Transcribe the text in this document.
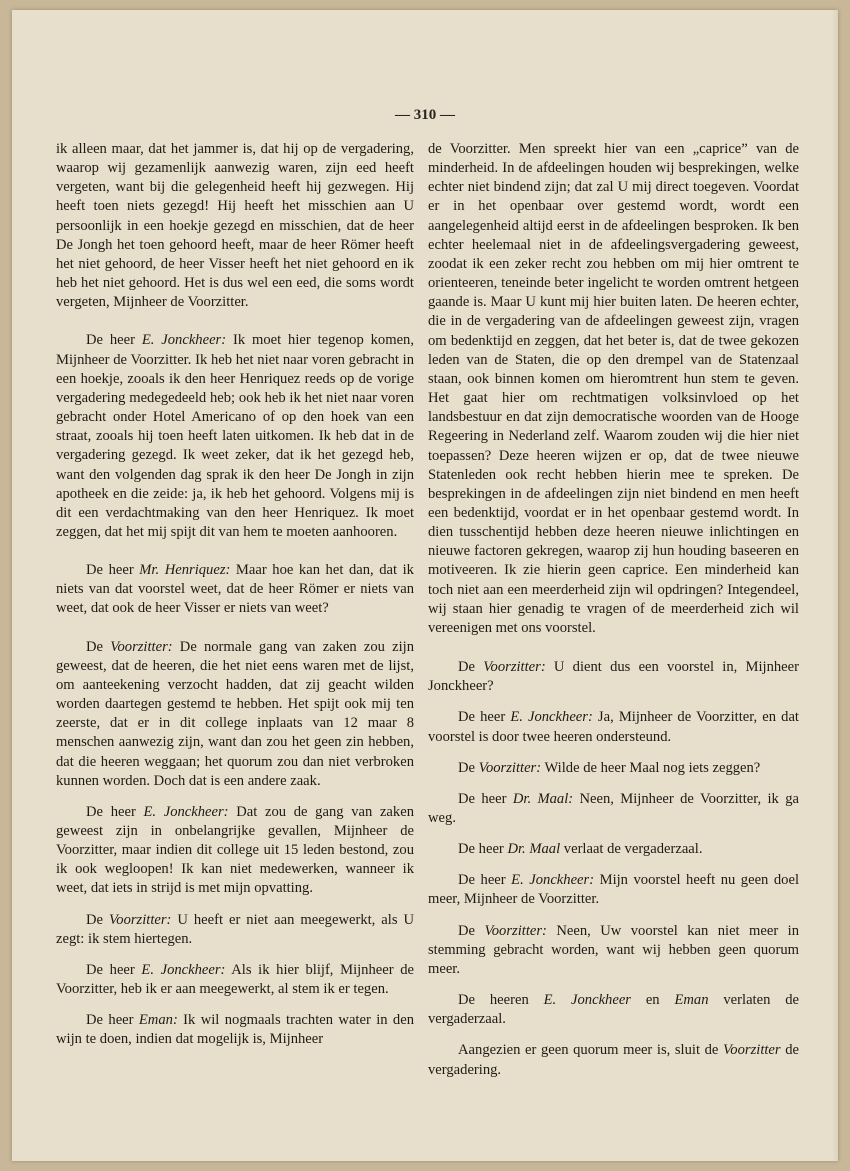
— 310 —

ik alleen maar, dat het jammer is, dat hij op de vergadering, waarop wij gezamenlijk aanwezig waren, zijn eed heeft vergeten, want bij die gelegenheid heeft hij gezwegen. Hij heeft toen niets gezegd! Hij heeft het misschien aan U persoonlijk in een hoekje gezegd en misschien, dat de heer De Jongh het toen gehoord heeft, maar de heer Römer heeft het niet gehoord, de heer Visser heeft het niet gehoord en ik heb het niet gehoord. Het is dus wel een eed, die soms wordt vergeten, Mijnheer de Voorzitter.

De heer E. Jonckheer: Ik moet hier tegenop komen, Mijnheer de Voorzitter. Ik heb het niet naar voren gebracht in een hoekje, zooals ik den heer Henriquez reeds op de vorige vergadering medegedeeld heb; ook heb ik het niet naar voren gebracht onder Hotel Americano of op den hoek van een straat, zooals hij toen heeft laten uitkomen. Ik heb dat in de vergadering gezegd. Ik weet zeker, dat ik het gezegd heb, want den volgenden dag sprak ik den heer De Jongh in zijn apotheek en die zeide: ja, ik heb het gehoord. Volgens mij is dit een verdachtmaking van den heer Henriquez. Ik moet zeggen, dat het mij spijt dit van hem te moeten aanhooren.

De heer Mr. Henriquez: Maar hoe kan het dan, dat ik niets van dat voorstel weet, dat de heer Römer er niets van weet, dat ook de heer Visser er niets van weet?

De Voorzitter: De normale gang van zaken zou zijn geweest, dat de heeren, die het niet eens waren met de lijst, om aanteekening verzocht hadden, dat zij geacht wilden worden daartegen gestemd te hebben. Het spijt ook mij ten zeerste, dat er in dit college inplaats van 12 maar 8 menschen aanwezig zijn, want dan zou het geen zin hebben, dat die heeren weggaan; het quorum zou dan niet verbroken kunnen worden. Doch dat is een andere zaak.

De heer E. Jonckheer: Dat zou de gang van zaken geweest zijn in onbelangrijke gevallen, Mijnheer de Voorzitter, maar indien dit college uit 15 leden bestond, zou ik ook wegloopen! Ik kan niet medewerken, wanneer ik weet, dat iets in strijd is met mijn opvatting.

De Voorzitter: U heeft er niet aan meegewerkt, als U zegt: ik stem hiertegen.

De heer E. Jonckheer: Als ik hier blijf, Mijnheer de Voorzitter, heb ik er aan meegewerkt, al stem ik er tegen.

De heer Eman: Ik wil nogmaals trachten water in den wijn te doen, indien dat mogelijk is, Mijnheer

de Voorzitter. Men spreekt hier van een „caprice” van de minderheid. In de afdeelingen houden wij besprekingen, welke echter niet bindend zijn; dat zal U mij direct toegeven. Voordat er in het openbaar over gestemd wordt, wordt een aangelegenheid altijd eerst in de afdeelingen besproken. Ik ben echter heelemaal niet in de afdeelingsvergadering geweest, zoodat ik een zeker recht zou hebben om mij hier omtrent te orienteeren, teneinde beter ingelicht te worden omtrent hetgeen gaande is. Maar U kunt mij hier buiten laten. De heeren echter, die in de vergadering van de afdeelingen geweest zijn, vragen om bedenktijd en zeggen, dat het beter is, dat de twee gekozen leden van de Staten, die op den drempel van de Statenzaal staan, ook binnen komen om hieromtrent hun stem te geven. Het gaat hier om rechtmatigen volksinvloed op het landsbestuur en dat zijn democratische woorden van de Hooge Regeering in Nederland zelf. Waarom zouden wij die hier niet toepassen? Deze heeren wijzen er op, dat de twee nieuwe Statenleden ook recht hebben hierin mee te spreken. De besprekingen in de afdeelingen zijn niet bindend en men heeft een bedenktijd, voordat er in het openbaar gestemd wordt. In dien tusschentijd hebben deze heeren nieuwe inlichtingen en nieuwe factoren gekregen, waarop zij hun houding baseeren en motiveeren. Ik zie hierin geen caprice. Een minderheid kan toch niet aan een meerderheid zijn wil opdringen? Integendeel, wij staan hier genadig te vragen of de meerderheid zich wil vereenigen met ons voorstel.

De Voorzitter: U dient dus een voorstel in, Mijnheer Jonckheer?

De heer E. Jonckheer: Ja, Mijnheer de Voorzitter, en dat voorstel is door twee heeren ondersteund.

De Voorzitter: Wilde de heer Maal nog iets zeggen?

De heer Dr. Maal: Neen, Mijnheer de Voorzitter, ik ga weg.

De heer Dr. Maal verlaat de vergaderzaal.

De heer E. Jonckheer: Mijn voorstel heeft nu geen doel meer, Mijnheer de Voorzitter.

De Voorzitter: Neen, Uw voorstel kan niet meer in stemming gebracht worden, want wij hebben geen quorum meer.

De heeren E. Jonckheer en Eman verlaten de vergaderzaal.

Aangezien er geen quorum meer is, sluit de Voorzitter de vergadering.
